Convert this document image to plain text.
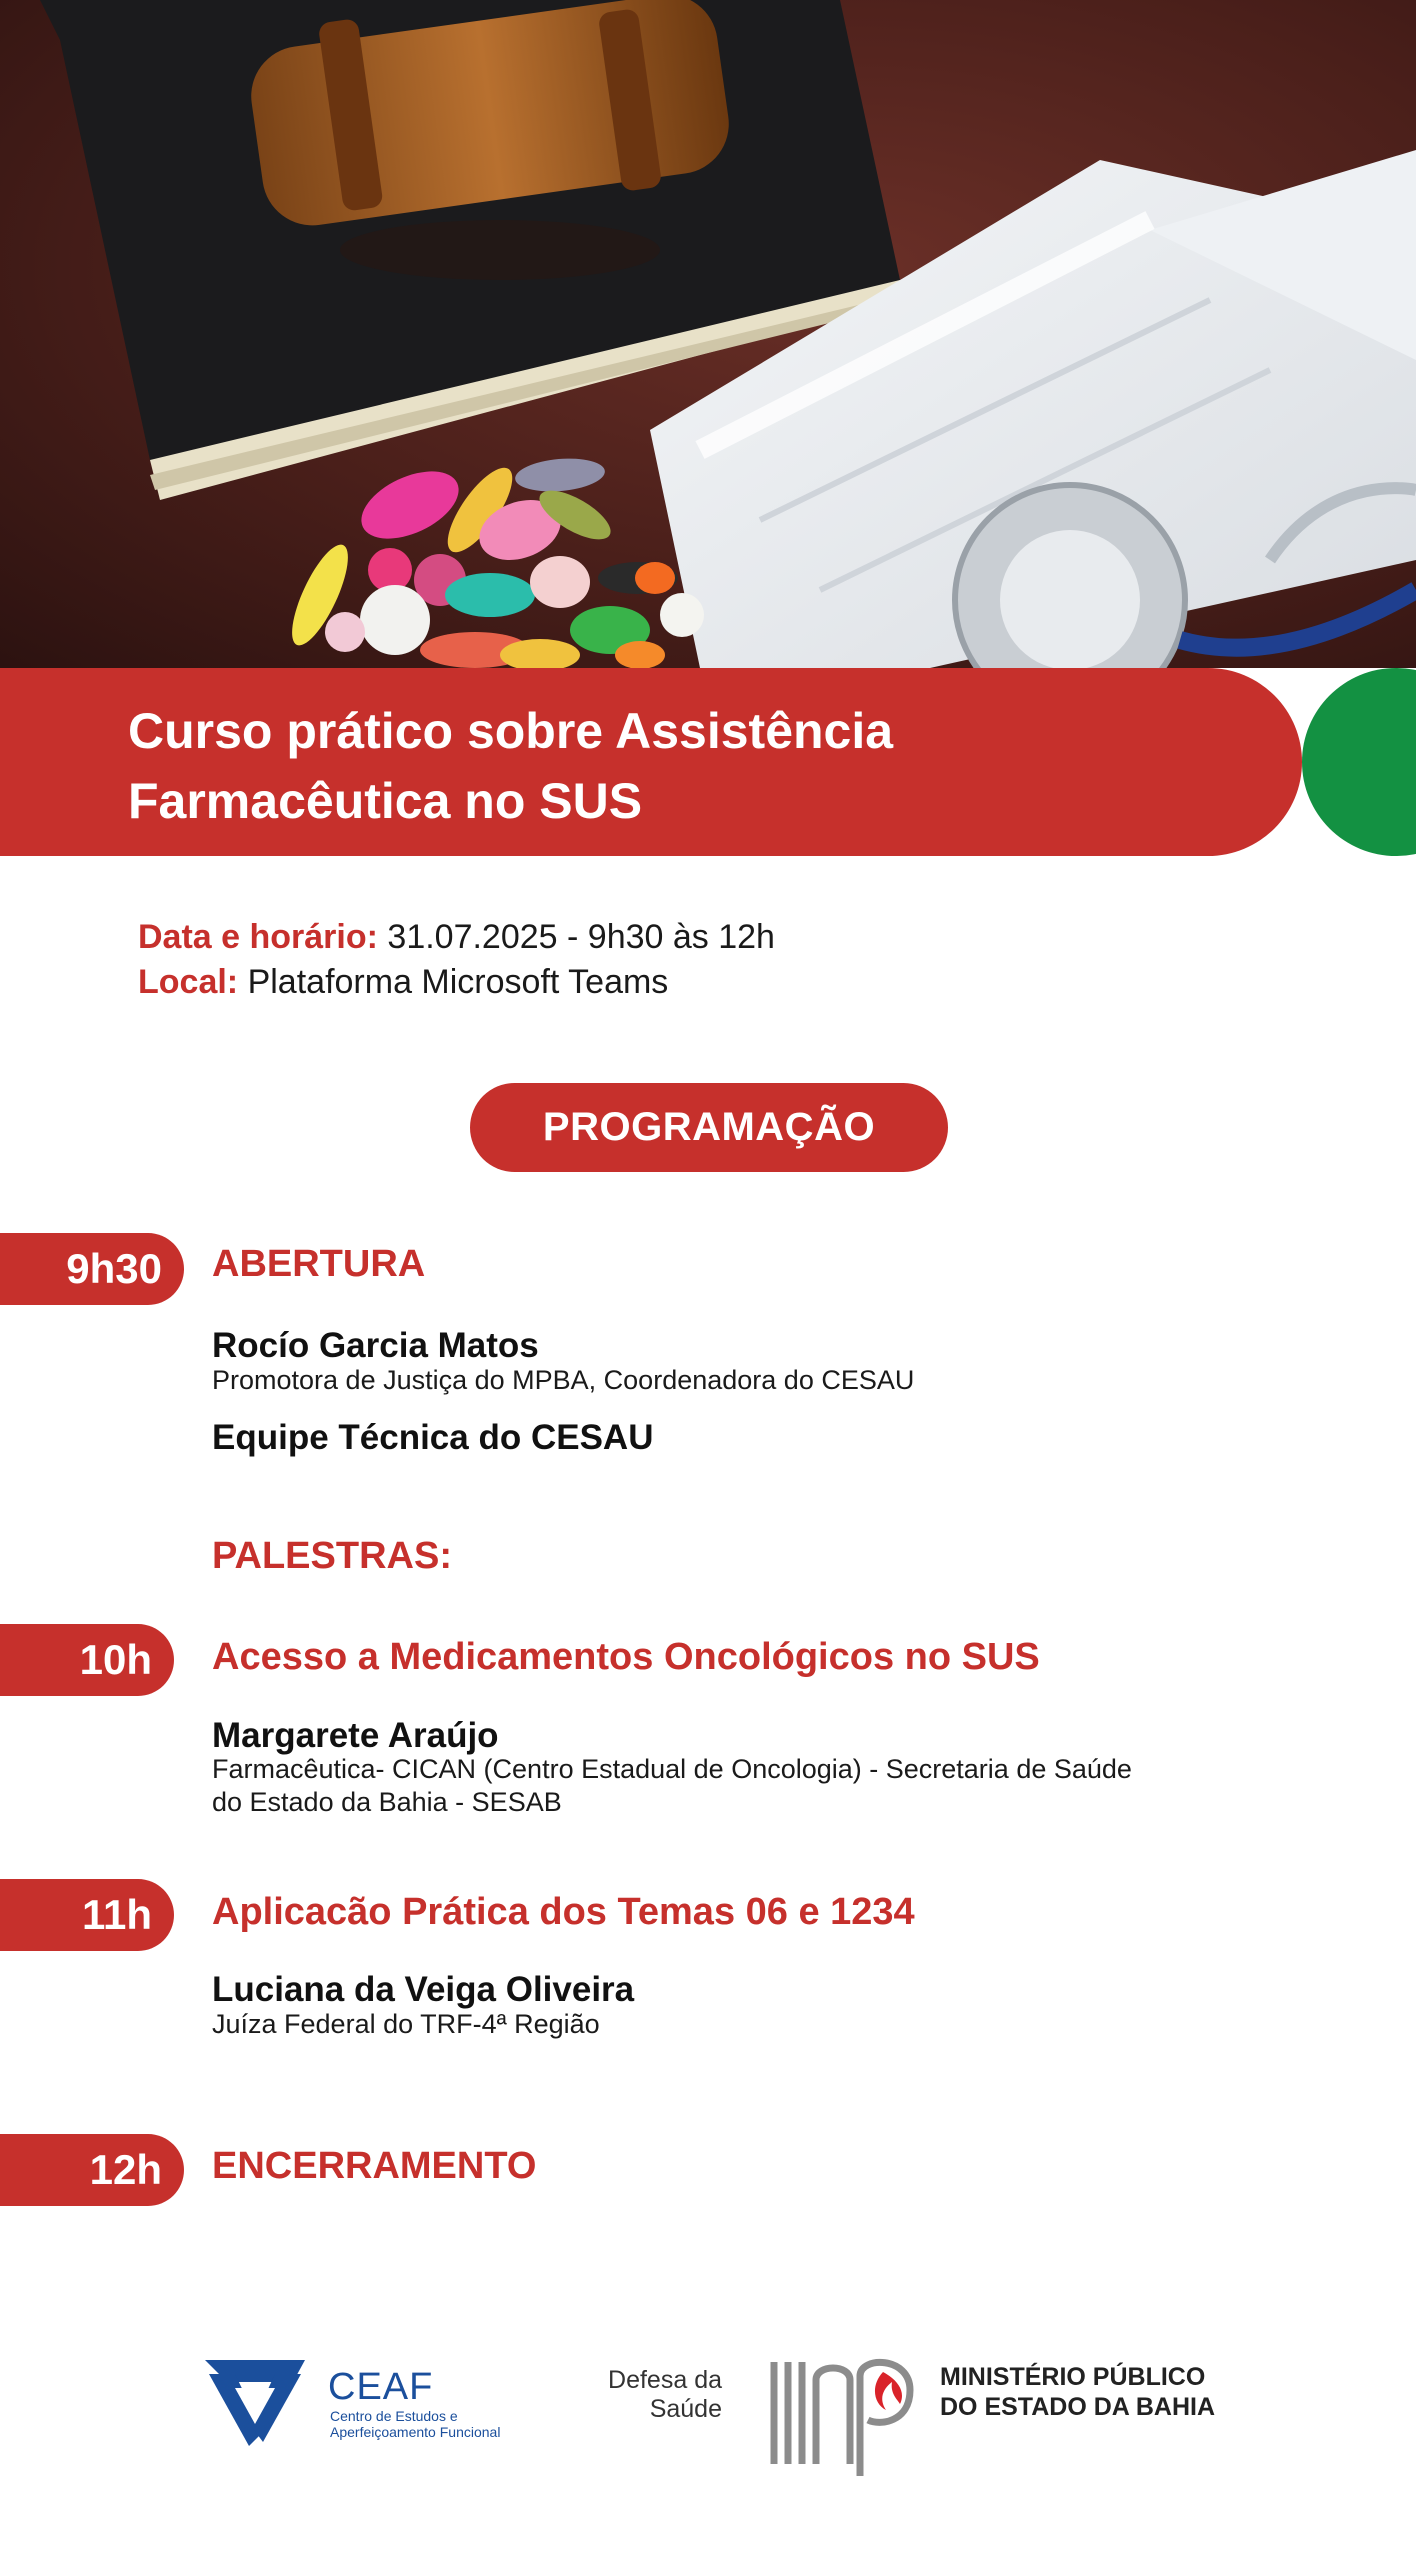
Curso prático sobre Assistência
Farmacêutica no SUS
Data e horário: 31.07.2025 - 9h30 às 12h
Local: Plataforma Microsoft Teams
PROGRAMAÇÃO
9h30	ABERTURA
Rocío Garcia Matos
Promotora de Justiça do MPBA, Coordenadora do CESAU
Equipe Técnica do CESAU
PALESTRAS:
10h	Acesso a Medicamentos Oncológicos no SUS
Margarete Araújo
Farmacêutica- CICAN (Centro Estadual de Oncologia) - Secretaria de Saúde
do Estado da Bahia - SESAB
11h	Aplicacão Prática dos Temas 06 e 1234
Luciana da Veiga Oliveira
Juíza Federal do TRF-4ª Região
12h	ENCERRAMENTO
CEAF
Centro de Estudos e
Aperfeiçoamento Funcional
Defesa da
Saúde
MINISTÉRIO PÚBLICO
DO ESTADO DA BAHIA
